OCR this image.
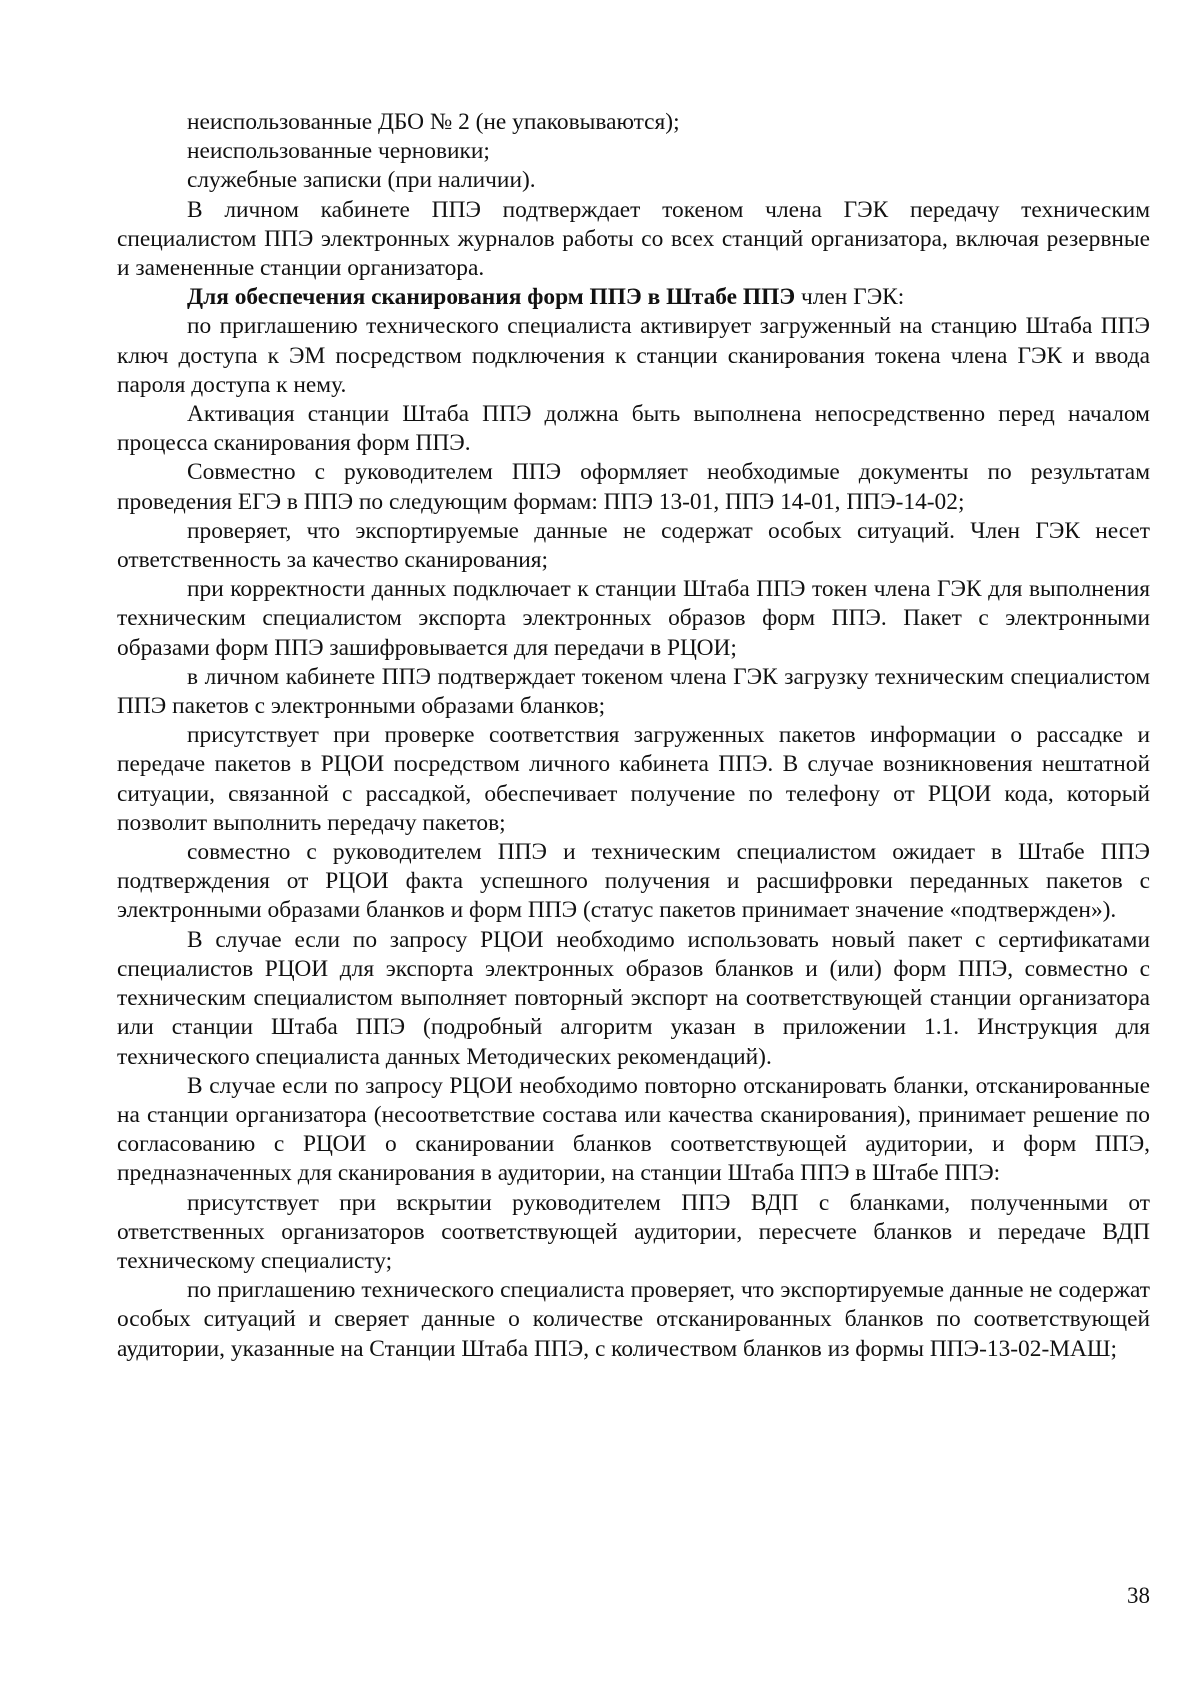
неиспользованные ДБО № 2 (не упаковываются);

неиспользованные черновики;

служебные записки (при наличии).

В личном кабинете ППЭ подтверждает токеном члена ГЭК передачу техническим специалистом ППЭ электронных журналов работы со всех станций организатора, включая резервные и замененные станции организатора.

Для обеспечения сканирования форм ППЭ в Штабе ППЭ член ГЭК:

по приглашению технического специалиста активирует загруженный на станцию Штаба ППЭ ключ доступа к ЭМ посредством подключения к станции сканирования токена члена ГЭК и ввода пароля доступа к нему.

Активация станции Штаба ППЭ должна быть выполнена непосредственно перед началом процесса сканирования форм ППЭ.

Совместно с руководителем ППЭ оформляет необходимые документы по результатам проведения ЕГЭ в ППЭ по следующим формам: ППЭ 13-01, ППЭ 14-01, ППЭ-14-02;

проверяет, что экспортируемые данные не содержат особых ситуаций. Член ГЭК несет ответственность за качество сканирования;

при корректности данных подключает к станции Штаба ППЭ токен члена ГЭК для выполнения техническим специалистом экспорта электронных образов форм ППЭ. Пакет с электронными образами форм ППЭ зашифровывается для передачи в РЦОИ;

в личном кабинете ППЭ подтверждает токеном члена ГЭК загрузку техническим специалистом ППЭ пакетов с электронными образами бланков;

присутствует при проверке соответствия загруженных пакетов информации о рассадке и передаче пакетов в РЦОИ посредством личного кабинета ППЭ. В случае возникновения нештатной ситуации, связанной с рассадкой, обеспечивает получение по телефону от РЦОИ кода, который позволит выполнить передачу пакетов;

совместно с руководителем ППЭ и техническим специалистом ожидает в Штабе ППЭ подтверждения от РЦОИ факта успешного получения и расшифровки переданных пакетов с электронными образами бланков и форм ППЭ (статус пакетов принимает значение «подтвержден»).

В случае если по запросу РЦОИ необходимо использовать новый пакет с сертификатами специалистов РЦОИ для экспорта электронных образов бланков и (или) форм ППЭ, совместно с техническим специалистом выполняет повторный экспорт на соответствующей станции организатора или станции Штаба ППЭ (подробный алгоритм указан в приложении 1.1. Инструкция для технического специалиста данных Методических рекомендаций).

В случае если по запросу РЦОИ необходимо повторно отсканировать бланки, отсканированные на станции организатора (несоответствие состава или качества сканирования), принимает решение по согласованию с РЦОИ о сканировании бланков соответствующей аудитории, и форм ППЭ, предназначенных для сканирования в аудитории, на станции Штаба ППЭ в Штабе ППЭ:

присутствует при вскрытии руководителем ППЭ ВДП с бланками, полученными от ответственных организаторов соответствующей аудитории, пересчете бланков и передаче ВДП техническому специалисту;

по приглашению технического специалиста проверяет, что экспортируемые данные не содержат особых ситуаций и сверяет данные о количестве отсканированных бланков по соответствующей аудитории, указанные на Станции Штаба ППЭ, с количеством бланков из формы ППЭ-13-02-МАШ;

38
